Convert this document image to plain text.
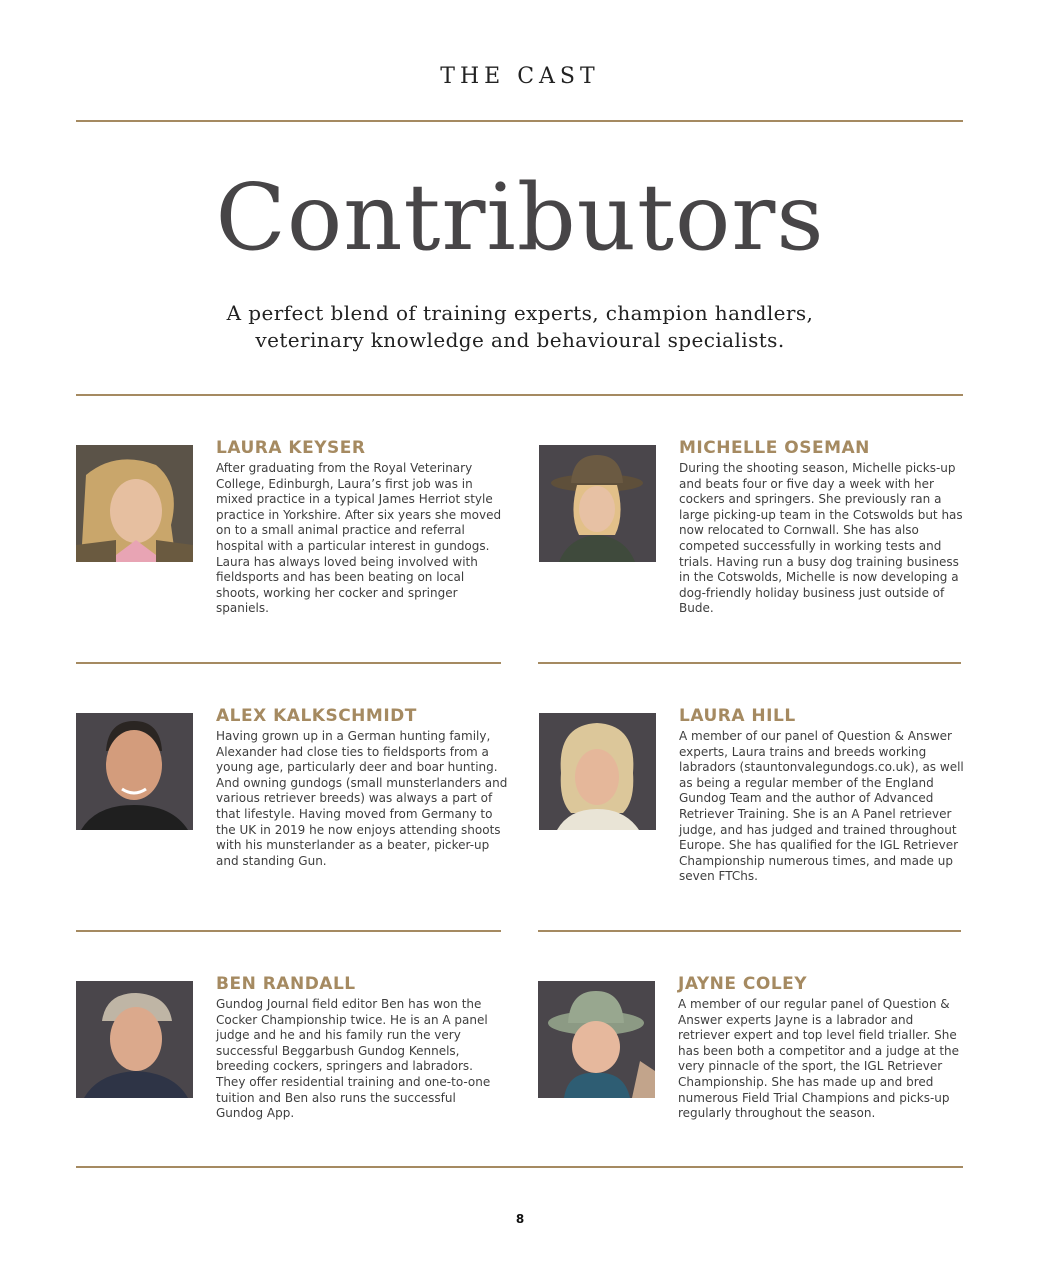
THE CAST
Contributors
A perfect blend of training experts, champion handlers,
veterinary knowledge and behavioural specialists.
LAURA KEYSER

After graduating from the Royal Veterinary College, Edinburgh, Laura’s first job was in mixed practice in a typical James Herriot style practice in Yorkshire. After six years she moved on to a small animal practice and referral hospital with a particular interest in gundogs. Laura has always loved being involved with fieldsports and has been beating on local shoots, working her cocker and springer spaniels.

MICHELLE OSEMAN

During the shooting season, Michelle picks-up and beats four or five day a week with her cockers and springers. She previously ran a large picking-up team in the Cotswolds but has now relocated to Cornwall. She has also competed successfully in working tests and trials. Having run a busy dog training business in the Cotswolds, Michelle is now developing a dog-friendly holiday business just outside of Bude.

ALEX KALKSCHMIDT

Having grown up in a German hunting family, Alexander had close ties to fieldsports from a young age, particularly deer and boar hunting. And owning gundogs (small munsterlanders and various retriever breeds) was always a part of that lifestyle. Having moved from Germany to the UK in 2019 he now enjoys attending shoots with his munsterlander as a beater, picker-up and standing Gun.

LAURA HILL

A member of our panel of Question & Answer experts, Laura trains and breeds working labradors (stauntonvalegundogs.co.uk), as well as being a regular member of the England Gundog Team and the author of Advanced Retriever Training. She is an A Panel retriever judge, and has judged and trained throughout Europe. She has qualified for the IGL Retriever Championship numerous times, and made up seven FTChs.

BEN RANDALL

Gundog Journal field editor Ben has won the Cocker Championship twice. He is an A panel judge and he and his family run the very successful Beggarbush Gundog Kennels, breeding cockers, springers and labradors. They offer residential training and one-to-one tuition and Ben also runs the successful Gundog App.

JAYNE COLEY

A member of our regular panel of Question & Answer experts Jayne is a labrador and retriever expert and top level field trialler. She has been both a competitor and a judge at the very pinnacle of the sport, the IGL Retriever Championship. She has made up and bred numerous Field Trial Champions and picks-up regularly throughout the season.

8
